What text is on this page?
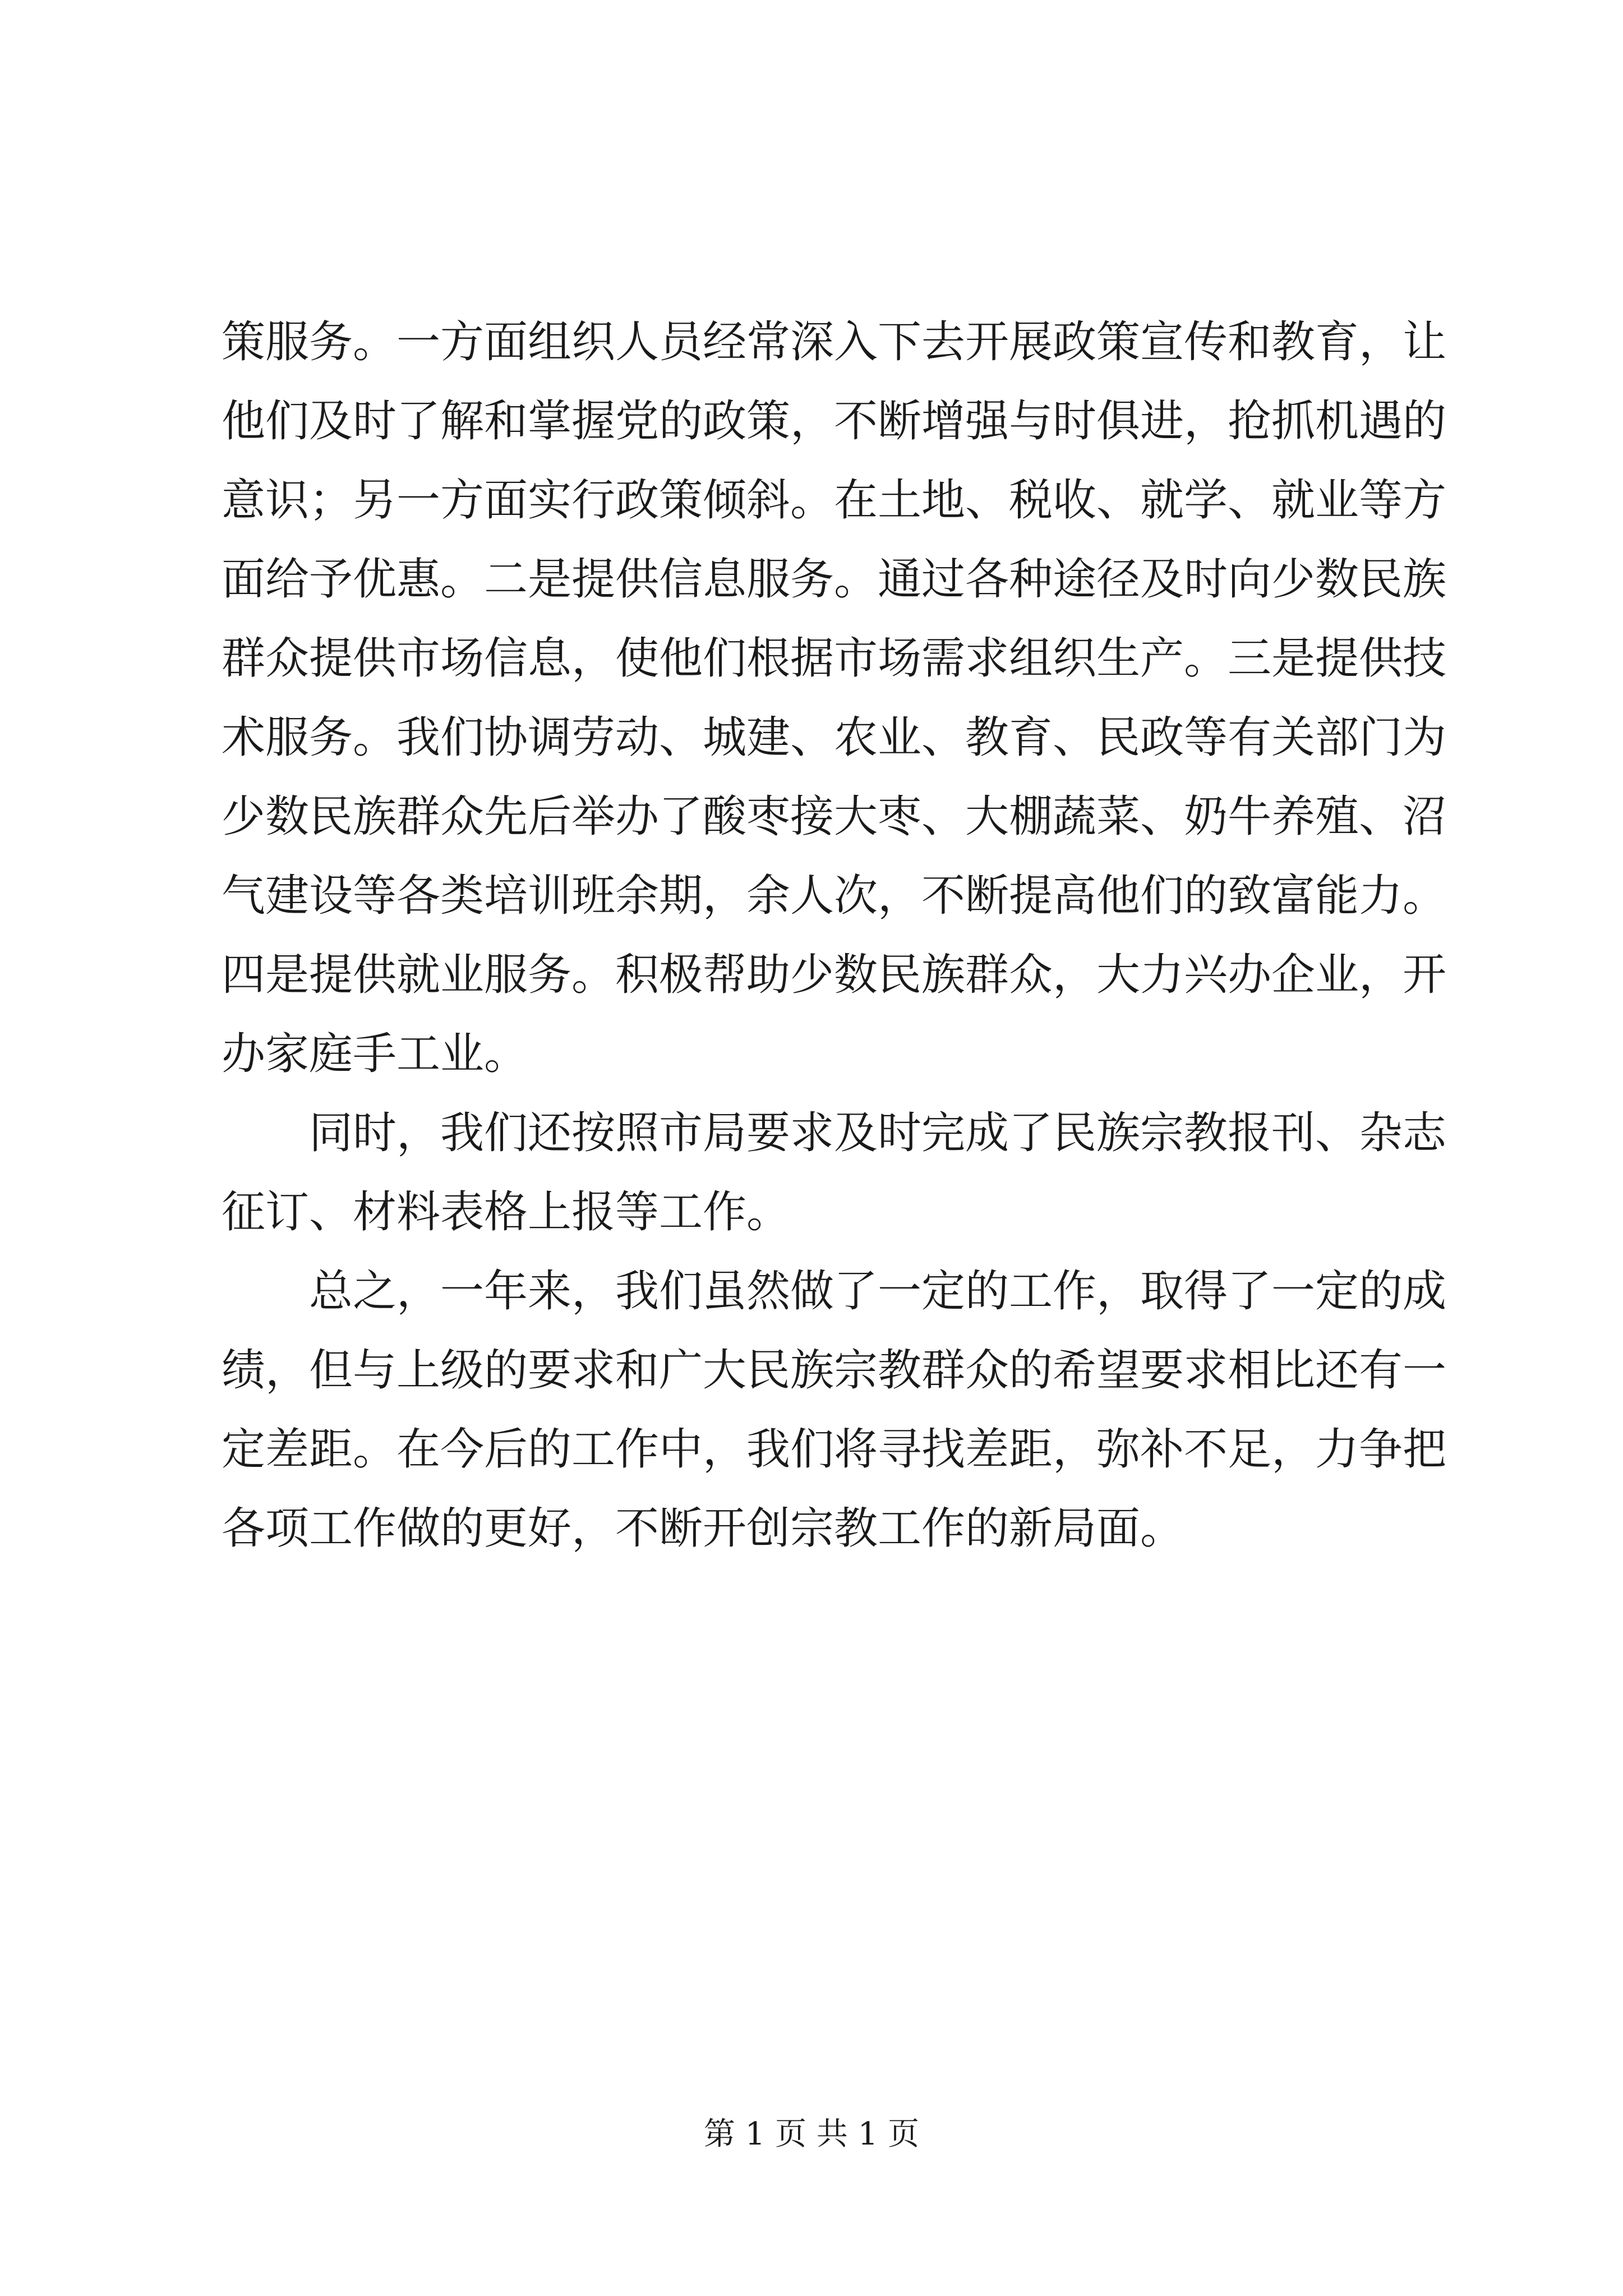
策服务。一方面组织人员经常深入下去开展政策宣传和教育，让
他们及时了解和掌握党的政策，不断增强与时俱进，抢抓机遇的
意识；另一方面实行政策倾斜。在土地、税收、就学、就业等方
面给予优惠。二是提供信息服务。通过各种途径及时向少数民族
群众提供市场信息，使他们根据市场需求组织生产。三是提供技
术服务。我们协调劳动、城建、农业、教育、民政等有关部门为
少数民族群众先后举办了酸枣接大枣、大棚蔬菜、奶牛养殖、沼
气建设等各类培训班余期，余人次，不断提高他们的致富能力。
四是提供就业服务。积极帮助少数民族群众，大力兴办企业，开
办家庭手工业。

同时，我们还按照市局要求及时完成了民族宗教报刊、杂志
征订、材料表格上报等工作。

总之，一年来，我们虽然做了一定的工作，取得了一定的成
绩，但与上级的要求和广大民族宗教群众的希望要求相比还有一
定差距。在今后的工作中，我们将寻找差距，弥补不足，力争把
各项工作做的更好，不断开创宗教工作的新局面。

第 1 页 共 1 页
